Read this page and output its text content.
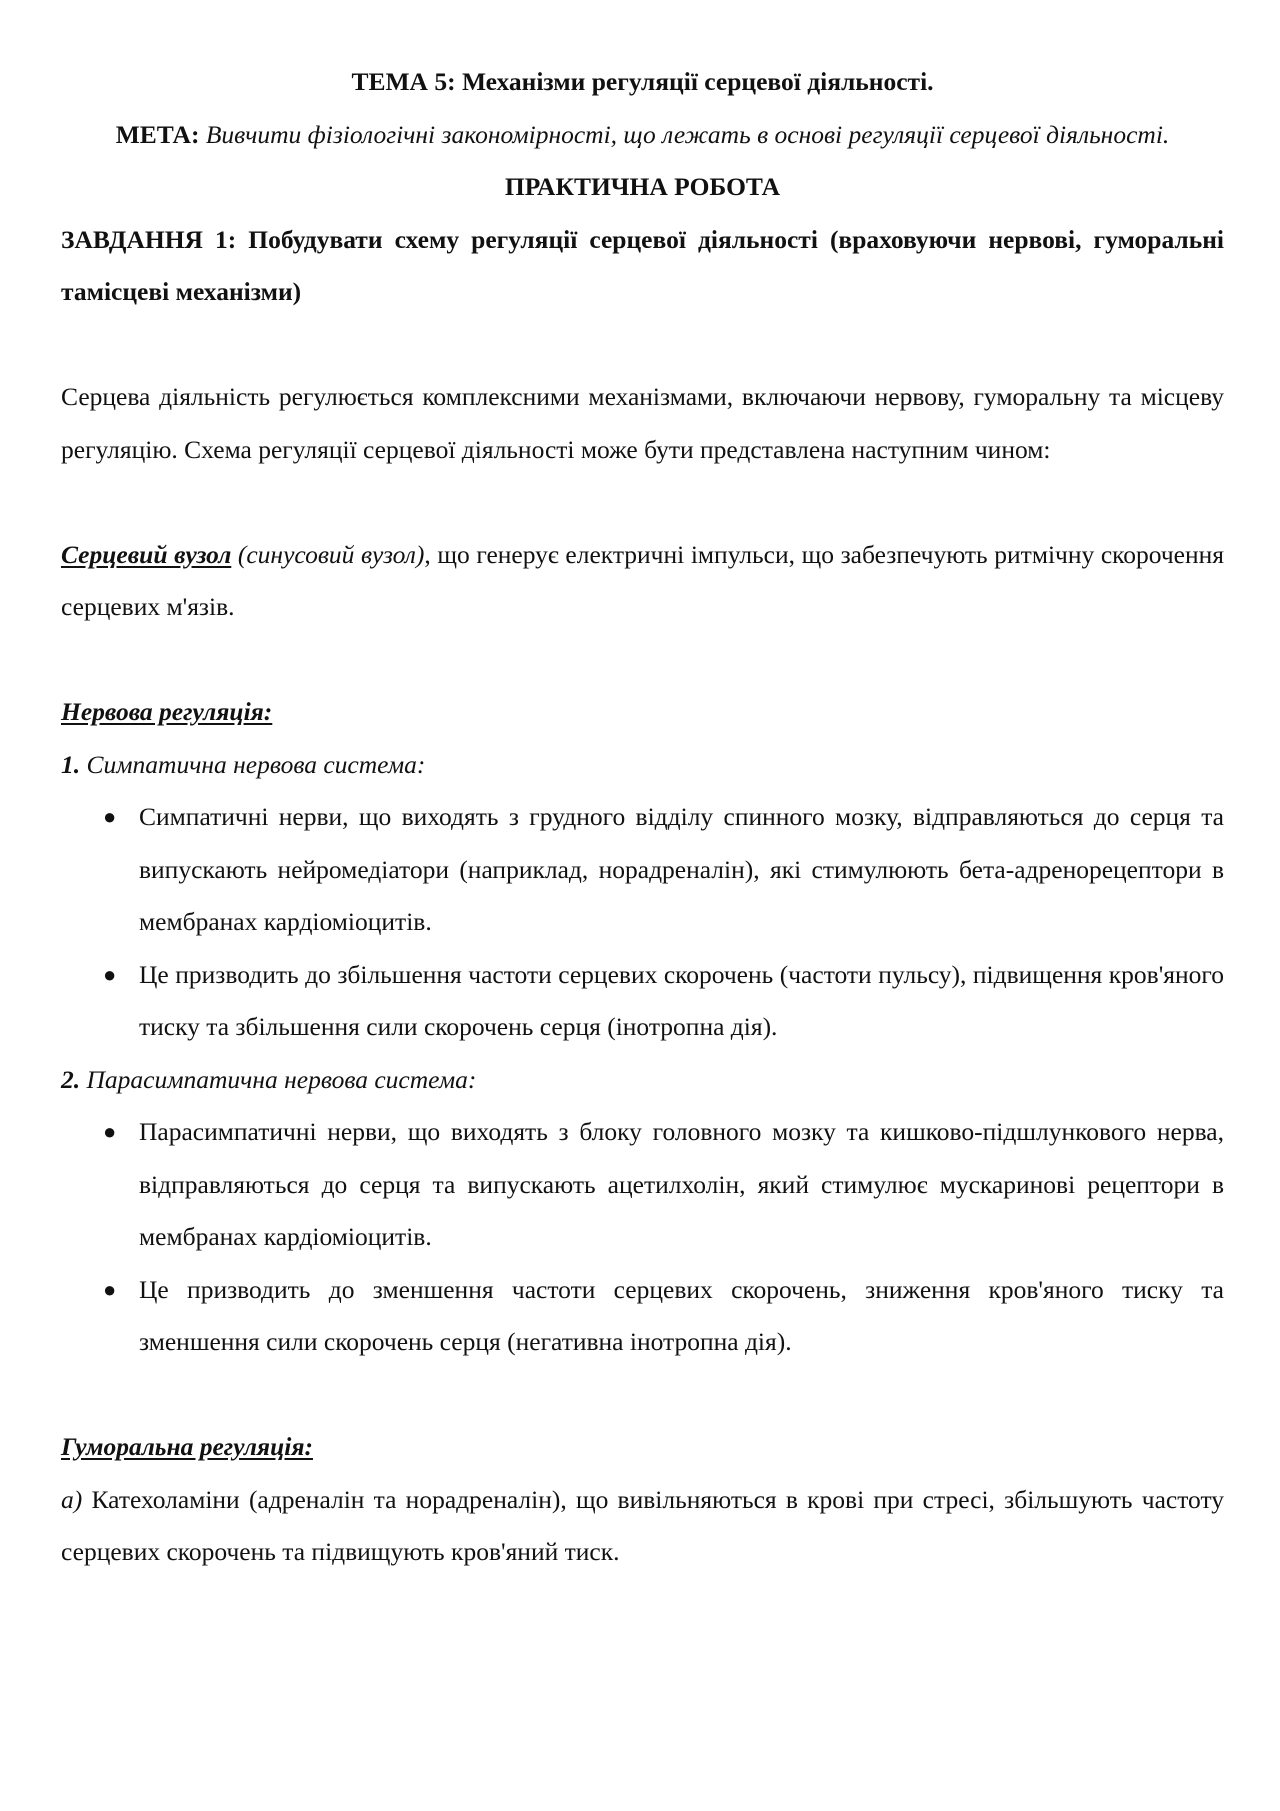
ТЕМА 5: Механізми регуляції серцевої діяльності.

МЕТА: Вивчити фізіологічні закономірності, що лежать в основі регуляції серцевої діяльності.

ПРАКТИЧНА РОБОТА

ЗАВДАННЯ 1: Побудувати схему регуляції серцевої діяльності (враховуючи нервові, гуморальні тамісцеві механізми)

Серцева діяльність регулюється комплексними механізмами, включаючи нервову, гуморальну та місцеву регуляцію. Схема регуляції серцевої діяльності може бути представлена наступним чином:

Серцевий вузол (синусовий вузол), що генерує електричні імпульси, що забезпечують ритмічну скорочення серцевих м'язів.

Нервова регуляція:

1. Симпатична нервова система:

● Симпатичні нерви, що виходять з грудного відділу спинного мозку, відправляються до серця та випускають нейромедіатори (наприклад, норадреналін), які стимулюють бета-адренорецептори в мембранах кардіоміоцитів.
● Це призводить до збільшення частоти серцевих скорочень (частоти пульсу), підвищення кров'яного тиску та збільшення сили скорочень серця (інотропна дія).

2. Парасимпатична нервова система:

● Парасимпатичні нерви, що виходять з блоку головного мозку та кишково-підшлункового нерва, відправляються до серця та випускають ацетилхолін, який стимулює мускаринові рецептори в мембранах кардіоміоцитів.
● Це призводить до зменшення частоти серцевих скорочень, зниження кров'яного тиску та зменшення сили скорочень серця (негативна інотропна дія).

Гуморальна регуляція:

а) Катехоламіни (адреналін та норадреналін), що вивільняються в крові при стресі, збільшують частоту серцевих скорочень та підвищують кров'яний тиск.
